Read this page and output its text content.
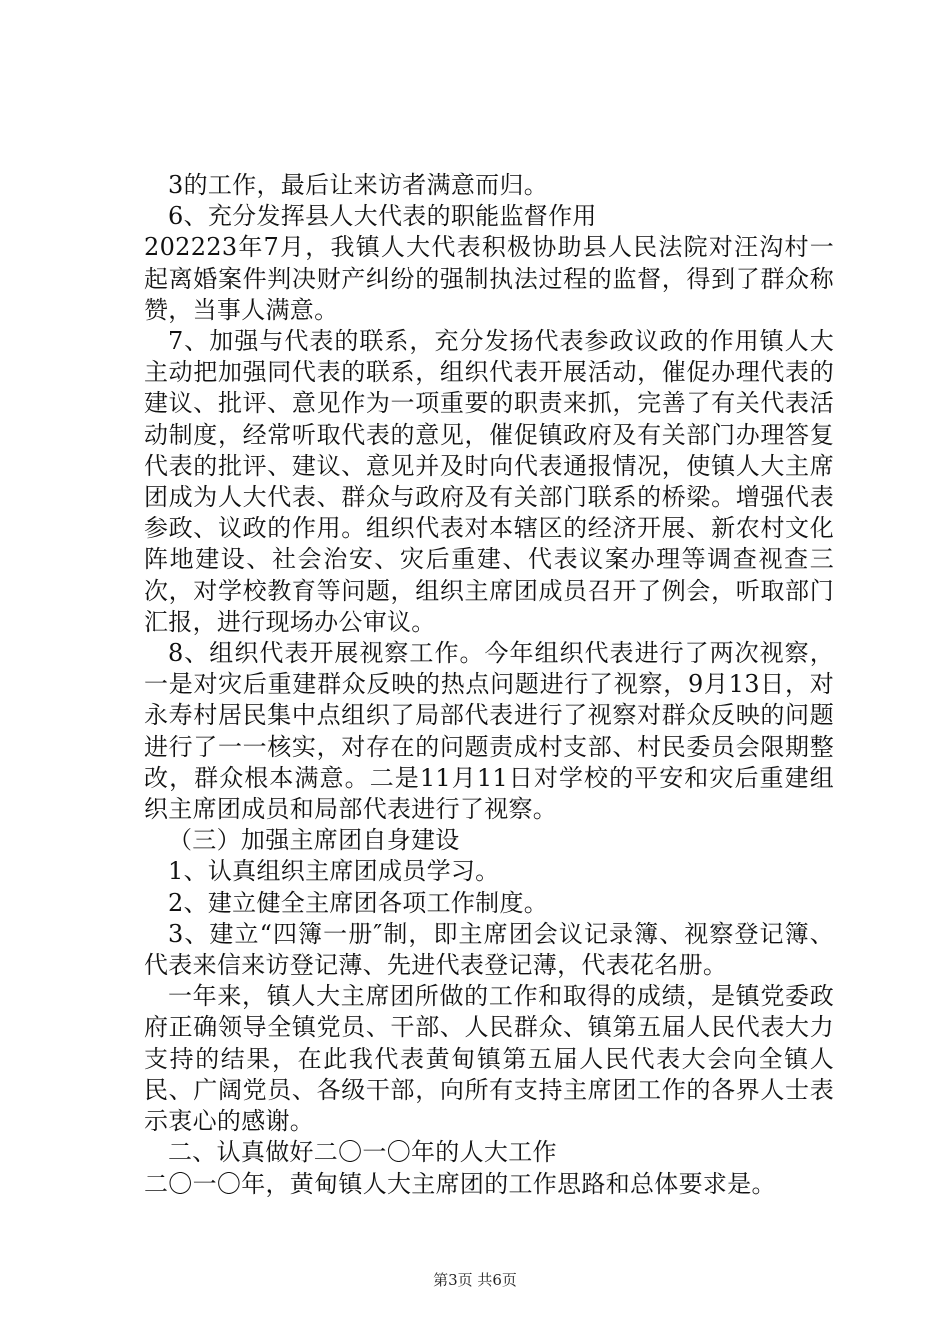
3的工作，最后让来访者满意而归。

6、充分发挥县人大代表的职能监督作用

202223年7月，我镇人大代表积极协助县人民法院对汪沟村一起离婚案件判决财产纠纷的强制执法过程的监督，得到了群众称赞，当事人满意。

7、加强与代表的联系，充分发扬代表参政议政的作用镇人大主动把加强同代表的联系，组织代表开展活动，催促办理代表的建议、批评、意见作为一项重要的职责来抓，完善了有关代表活动制度，经常听取代表的意见，催促镇政府及有关部门办理答复代表的批评、建议、意见并及时向代表通报情况，使镇人大主席团成为人大代表、群众与政府及有关部门联系的桥梁。增强代表参政、议政的作用。组织代表对本辖区的经济开展、新农村文化阵地建设、社会治安、灾后重建、代表议案办理等调查视查三次，对学校教育等问题，组织主席团成员召开了例会，听取部门汇报，进行现场办公审议。

8、组织代表开展视察工作。今年组织代表进行了两次视察，一是对灾后重建群众反映的热点问题进行了视察，9月13日，对永寿村居民集中点组织了局部代表进行了视察对群众反映的问题进行了一一核实，对存在的问题责成村支部、村民委员会限期整改，群众根本满意。二是11月11日对学校的平安和灾后重建组织主席团成员和局部代表进行了视察。

（三）加强主席团自身建设

1、认真组织主席团成员学习。

2、建立健全主席团各项工作制度。

3、建立“四簿一册″制，即主席团会议记录簿、视察登记簿、代表来信来访登记薄、先进代表登记薄，代表花名册。

一年来，镇人大主席团所做的工作和取得的成绩，是镇党委政府正确领导全镇党员、干部、人民群众、镇第五届人民代表大力支持的结果，在此我代表黄甸镇第五届人民代表大会向全镇人民、广阔党员、各级干部，向所有支持主席团工作的各界人士表示衷心的感谢。

二、认真做好二〇一〇年的人大工作

二〇一〇年，黄甸镇人大主席团的工作思路和总体要求是。

第3页 共6页
